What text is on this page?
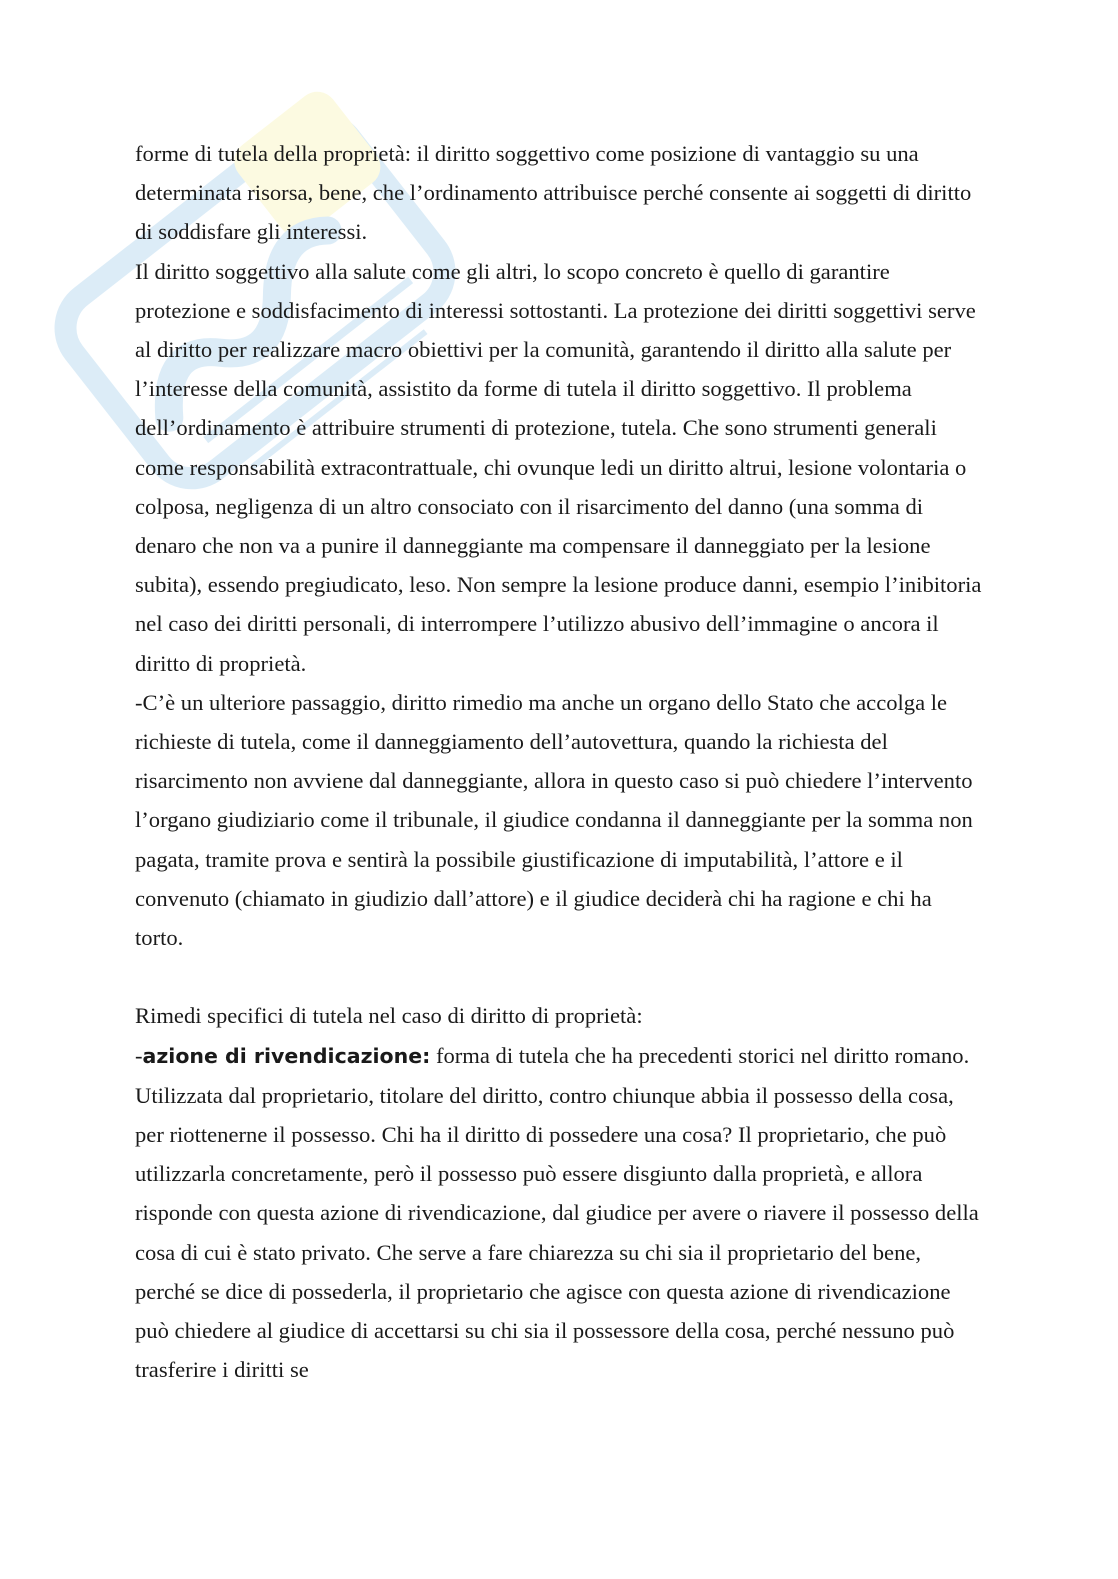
forme di tutela della proprietà: il diritto soggettivo come posizione di vantaggio su una determinata risorsa, bene, che l’ordinamento attribuisce perché consente ai soggetti di diritto di soddisfare gli interessi.

Il diritto soggettivo alla salute come gli altri, lo scopo concreto è quello di garantire protezione e soddisfacimento di interessi sottostanti. La protezione dei diritti soggettivi serve al diritto per realizzare macro obiettivi per la comunità, garantendo il diritto alla salute per l’interesse della comunità, assistito da forme di tutela il diritto soggettivo. Il problema dell’ordinamento è attribuire strumenti di protezione, tutela. Che sono strumenti generali come responsabilità extracontrattuale, chi ovunque ledi un diritto altrui, lesione volontaria o colposa, negligenza di un altro consociato con il risarcimento del danno (una somma di denaro che non va a punire il danneggiante ma compensare il danneggiato per la lesione subita), essendo pregiudicato, leso. Non sempre la lesione produce danni, esempio l’inibitoria nel caso dei diritti personali, di interrompere l’utilizzo abusivo dell’immagine o ancora il diritto di proprietà.

-C’è un ulteriore passaggio, diritto rimedio ma anche un organo dello Stato che accolga le richieste di tutela, come il danneggiamento dell’autovettura, quando la richiesta del risarcimento non avviene dal danneggiante, allora in questo caso si può chiedere l’intervento l’organo giudiziario come il tribunale, il giudice condanna il danneggiante per la somma non pagata, tramite prova e sentirà la possibile giustificazione di imputabilità, l’attore e il convenuto (chiamato in giudizio dall’attore) e il giudice deciderà chi ha ragione e chi ha torto.

Rimedi specifici di tutela nel caso di diritto di proprietà:

-azione di rivendicazione: forma di tutela che ha precedenti storici nel diritto romano. Utilizzata dal proprietario, titolare del diritto, contro chiunque abbia il possesso della cosa, per riottenerne il possesso. Chi ha il diritto di possedere una cosa? Il proprietario, che può utilizzarla concretamente, però il possesso può essere disgiunto dalla proprietà, e allora risponde con questa azione di rivendicazione, dal giudice per avere o riavere il possesso della cosa di cui è stato privato. Che serve a fare chiarezza su chi sia il proprietario del bene, perché se dice di possederla, il proprietario che agisce con questa azione di rivendicazione può chiedere al giudice di accettarsi su chi sia il possessore della cosa, perché nessuno può trasferire i diritti se
